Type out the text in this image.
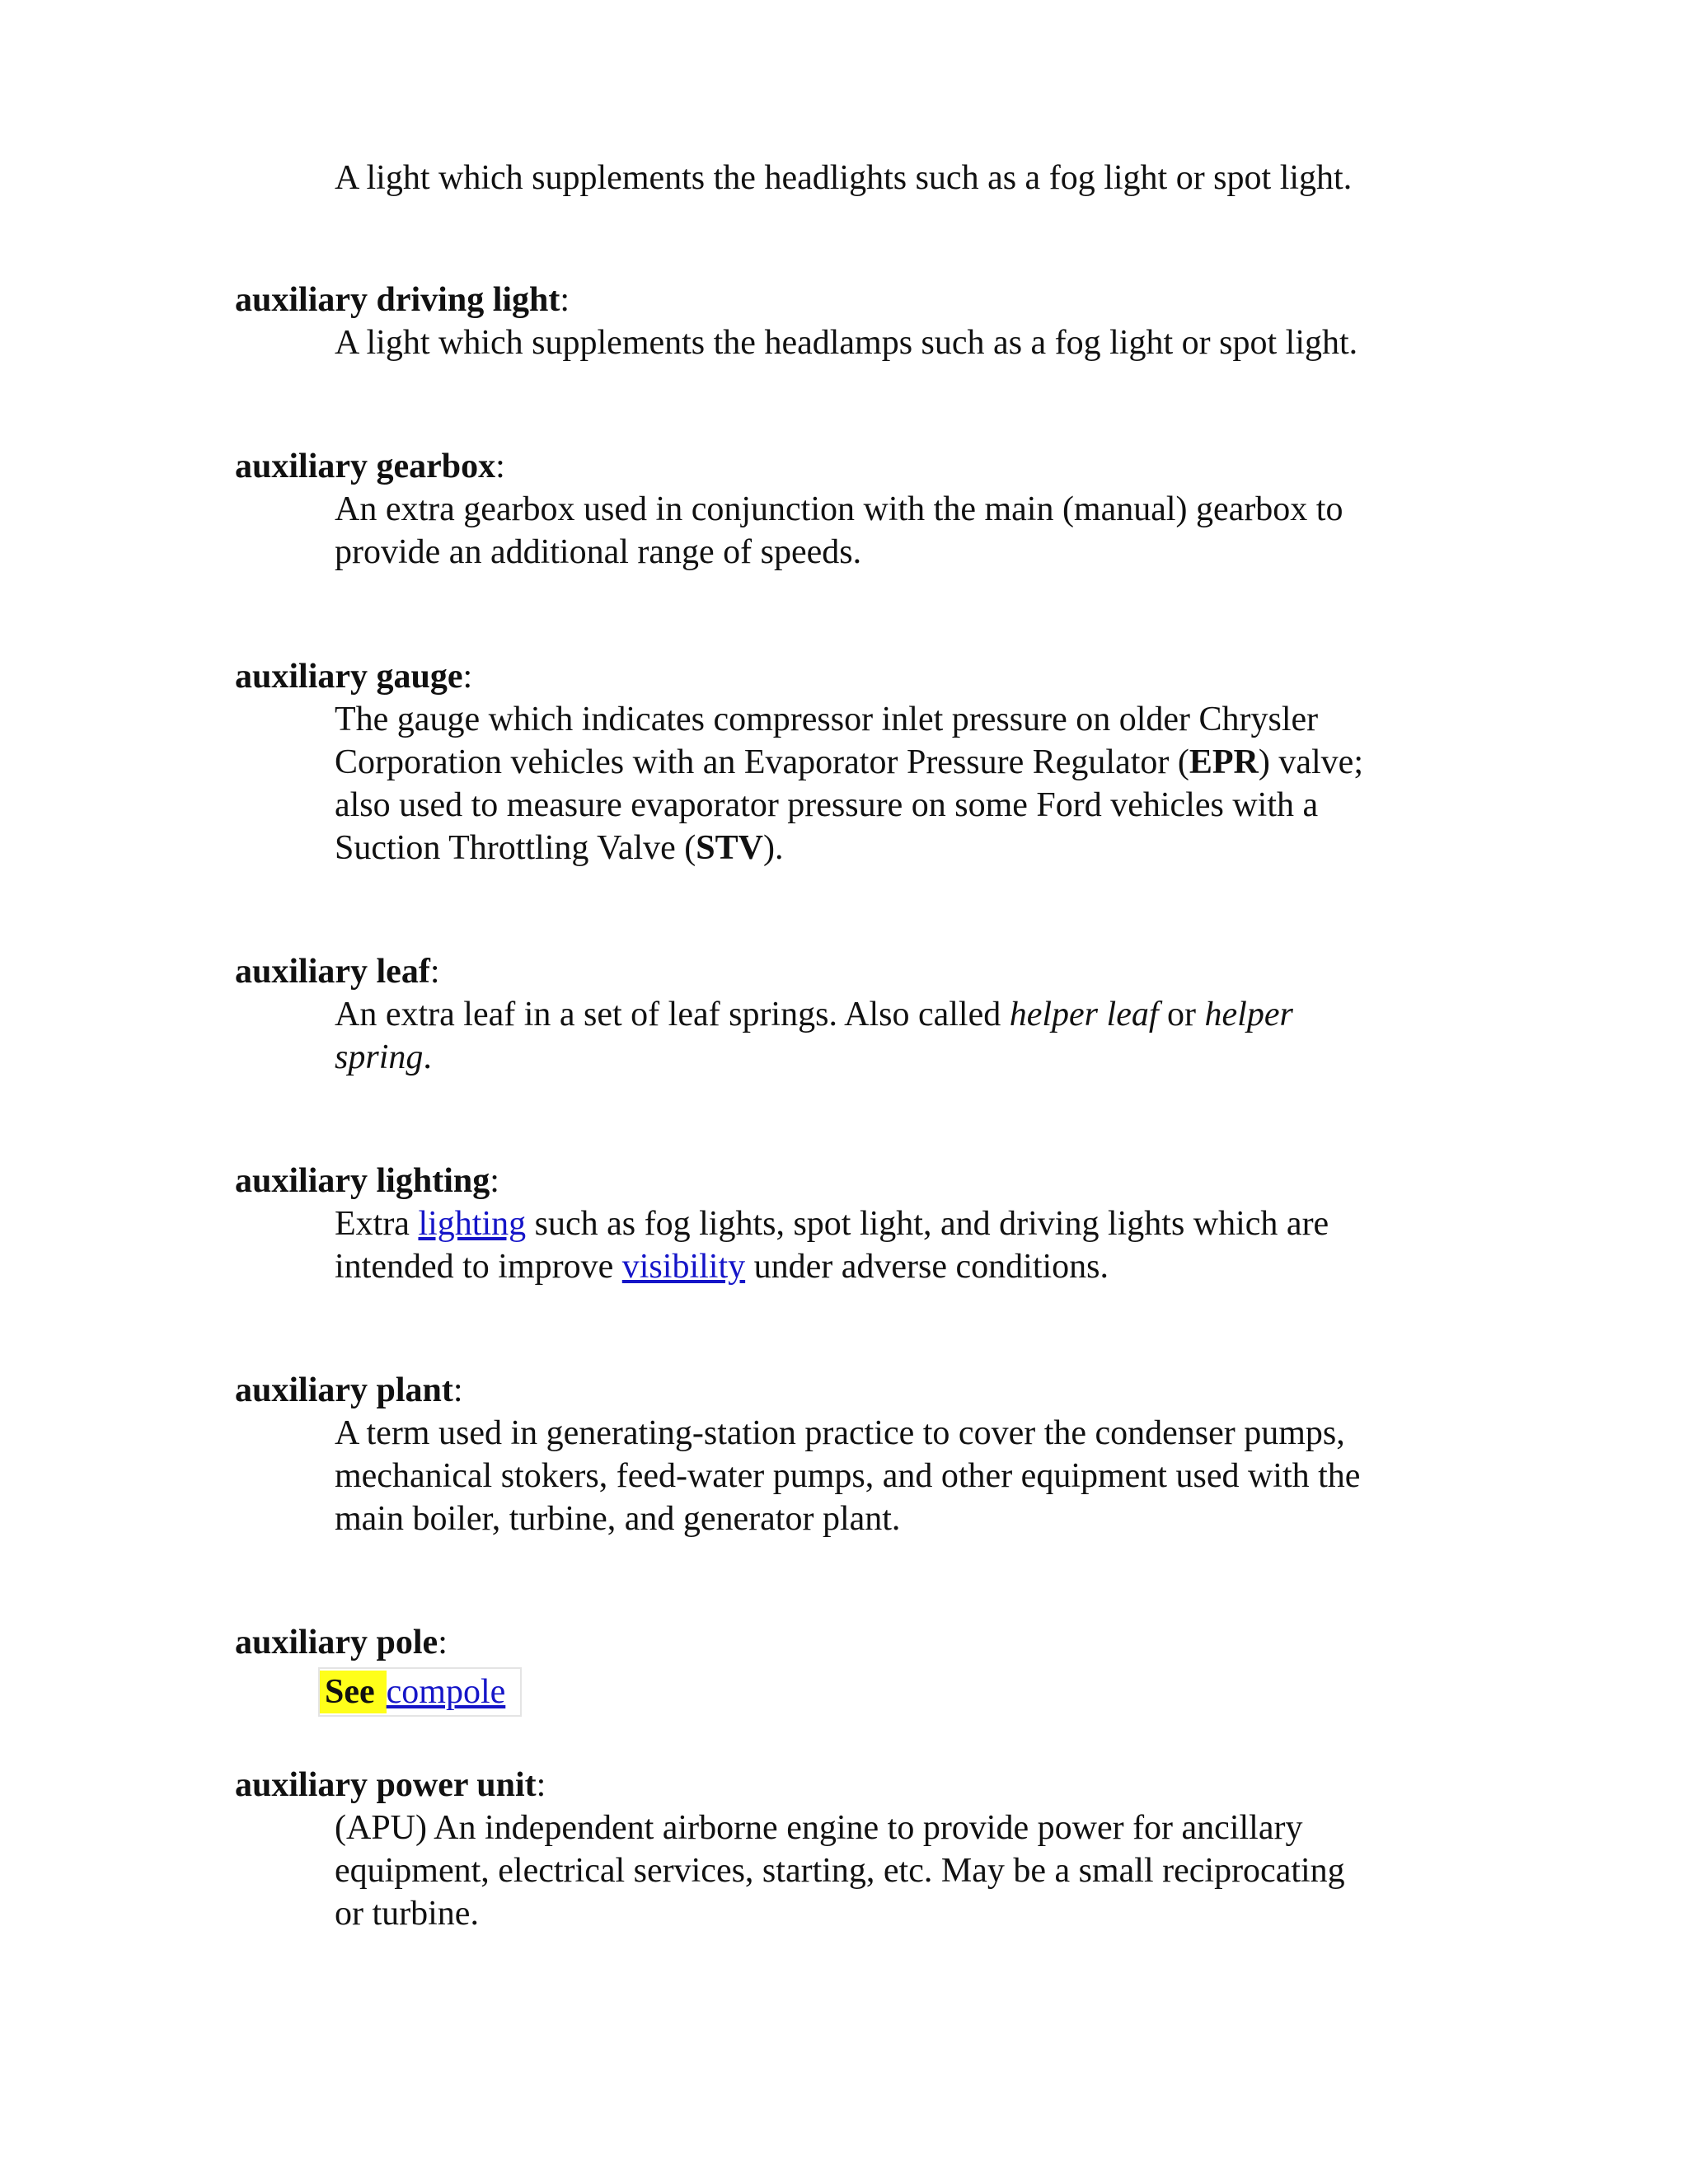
A light which supplements the headlights such as a fog light or spot light.
auxiliary driving light:
A light which supplements the headlamps such as a fog light or spot light.
auxiliary gearbox:
An extra gearbox used in conjunction with the main (manual) gearbox to
provide an additional range of speeds.
auxiliary gauge:
The gauge which indicates compressor inlet pressure on older Chrysler
Corporation vehicles with an Evaporator Pressure Regulator (EPR) valve;
also used to measure evaporator pressure on some Ford vehicles with a
Suction Throttling Valve (STV).
auxiliary leaf:
An extra leaf in a set of leaf springs. Also called helper leaf or helper
spring.
auxiliary lighting:
Extra lighting such as fog lights, spot light, and driving lights which are
intended to improve visibility under adverse conditions.
auxiliary plant:
A term used in generating-station practice to cover the condenser pumps,
mechanical stokers, feed-water pumps, and other equipment used with the
main boiler, turbine, and generator plant.
auxiliary pole:
See compole
auxiliary power unit:
(APU) An independent airborne engine to provide power for ancillary
equipment, electrical services, starting, etc. May be a small reciprocating
or turbine.
